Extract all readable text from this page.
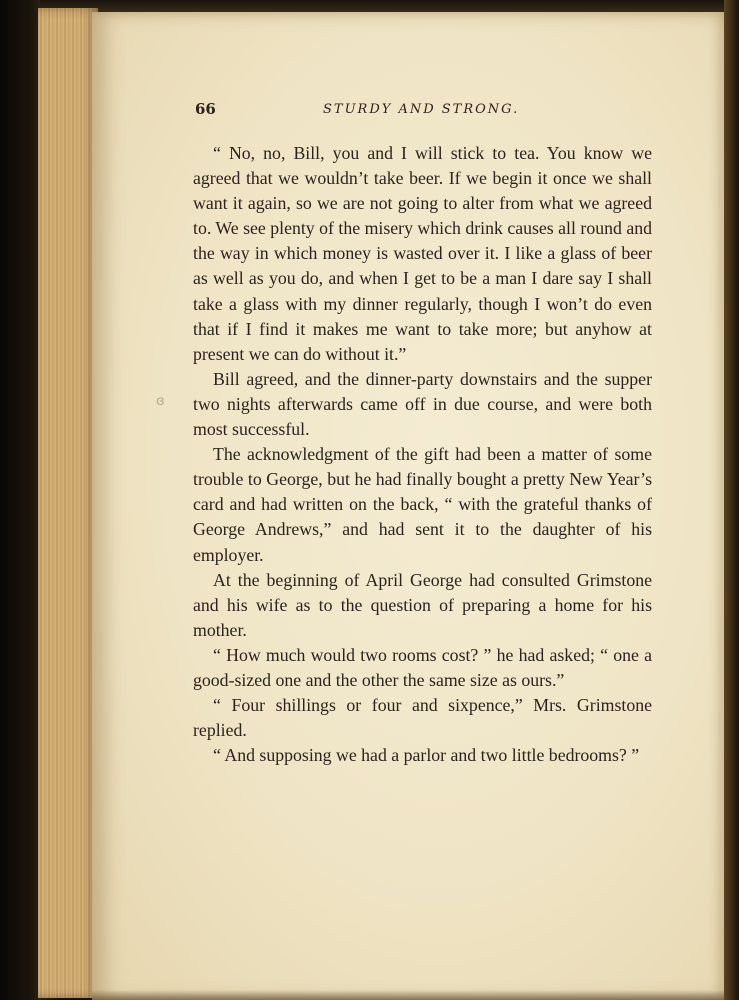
66	STURDY AND STRONG.
ɞ

“ No, no, Bill, you and I will stick to tea. You know we agreed that we wouldn’t take beer. If we begin it once we shall want it again, so we are not going to alter from what we agreed to. We see plenty of the misery which drink causes all round and the way in which money is wasted over it. I like a glass of beer as well as you do, and when I get to be a man I dare say I shall take a glass with my dinner regularly, though I won’t do even that if I find it makes me want to take more; but anyhow at present we can do without it.”

Bill agreed, and the dinner-party downstairs and the supper two nights afterwards came off in due course, and were both most successful.

The acknowledgment of the gift had been a matter of some trouble to George, but he had finally bought a pretty New Year’s card and had written on the back, “ with the grateful thanks of George Andrews,” and had sent it to the daughter of his employer.

At the beginning of April George had consulted Grimstone and his wife as to the question of preparing a home for his mother.

“ How much would two rooms cost? ” he had asked; “ one a good-sized one and the other the same size as ours.”

“ Four shillings or four and sixpence,” Mrs. Grimstone replied.

“ And supposing we had a parlor and two little bedrooms? ”
